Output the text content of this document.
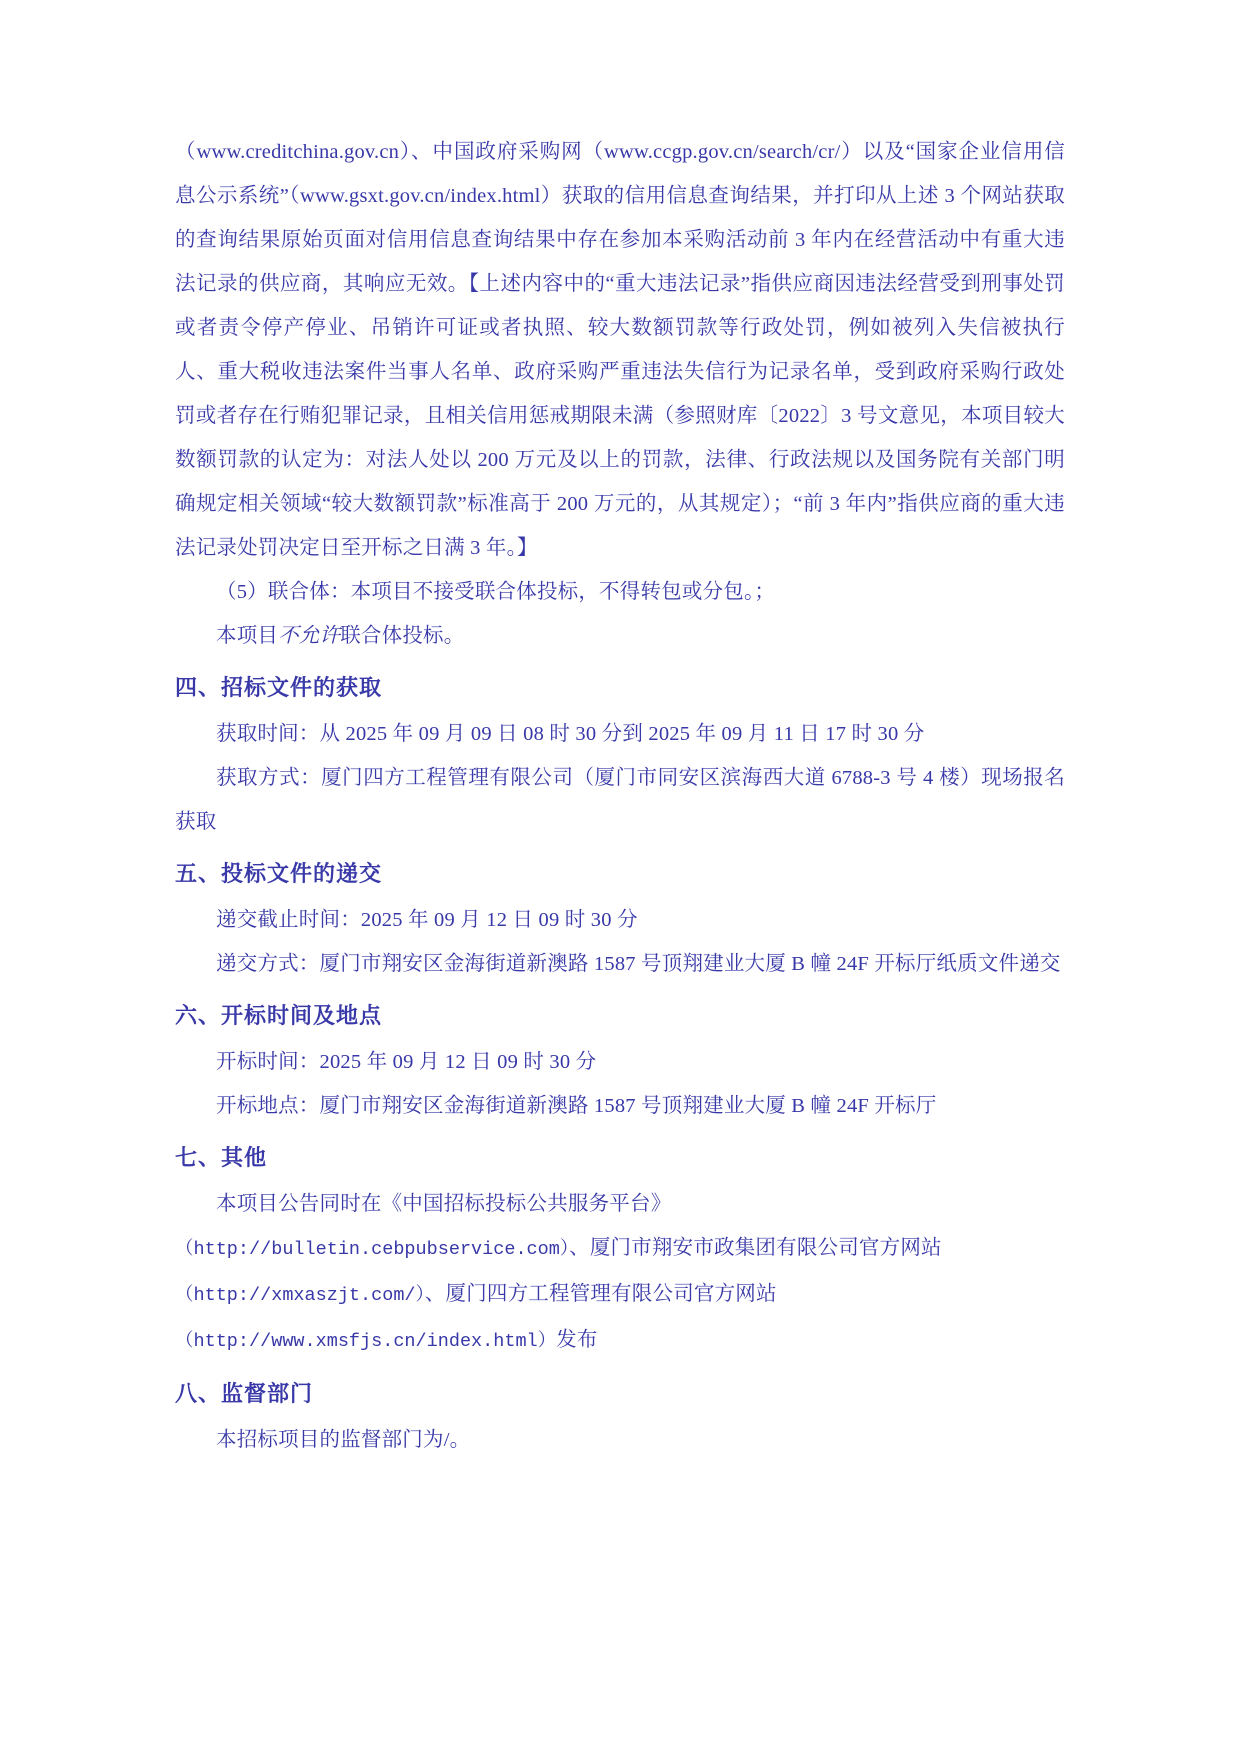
（www.creditchina.gov.cn）、中国政府采购网（www.ccgp.gov.cn/search/cr/）以及“国家企业信用信息公示系统”（www.gsxt.gov.cn/index.html）获取的信用信息查询结果，并打印从上述 3 个网站获取的查询结果原始页面对信用信息查询结果中存在参加本采购活动前 3 年内在经营活动中有重大违法记录的供应商，其响应无效。【上述内容中的“重大违法记录”指供应商因违法经营受到刑事处罚或者责令停产停业、吊销许可证或者执照、较大数额罚款等行政处罚，例如被列入失信被执行人、重大税收违法案件当事人名单、政府采购严重违法失信行为记录名单，受到政府采购行政处罚或者存在行贿犯罪记录，且相关信用惩戒期限未满（参照财库〔2022〕3 号文意见，本项目较大数额罚款的认定为：对法人处以 200 万元及以上的罚款，法律、行政法规以及国务院有关部门明确规定相关领域“较大数额罚款”标准高于 200 万元的，从其规定）；“前 3 年内”指供应商的重大违法记录处罚决定日至开标之日满 3 年。】

（5）联合体：本项目不接受联合体投标，不得转包或分包。；

本项目不允许联合体投标。

四、招标文件的获取

获取时间：从 2025 年 09 月 09 日 08 时 30 分到 2025 年 09 月 11 日 17 时 30 分

获取方式：厦门四方工程管理有限公司（厦门市同安区滨海西大道 6788-3 号 4 楼）现场报名获取

五、投标文件的递交

递交截止时间：2025 年 09 月 12 日 09 时 30 分

递交方式：厦门市翔安区金海街道新澳路 1587 号顶翔建业大厦 B 幢 24F 开标厅纸质文件递交

六、开标时间及地点

开标时间：2025 年 09 月 12 日 09 时 30 分

开标地点：厦门市翔安区金海街道新澳路 1587 号顶翔建业大厦 B 幢 24F 开标厅

七、其他

本项目公告同时在《中国招标投标公共服务平台》

（http://bulletin.cebpubservice.com）、厦门市翔安市政集团有限公司官方网站

（http://xmxaszjt.com/）、厦门四方工程管理有限公司官方网站

（http://www.xmsfjs.cn/index.html）发布

八、监督部门

本招标项目的监督部门为/。
